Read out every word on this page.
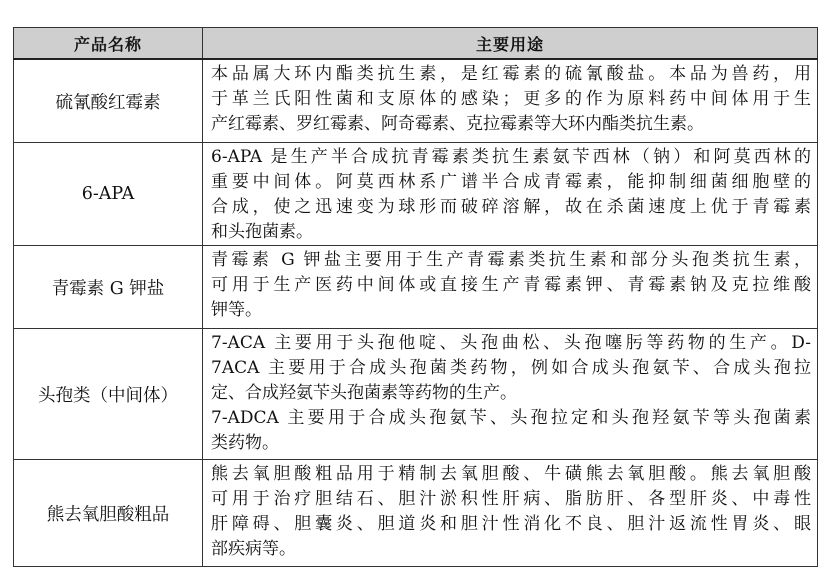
产品名称	主要用途
硫氰酸红霉素	本品属大环内酯类抗生素，是红霉素的硫氰酸盐。本品为兽药，用
于革兰氏阳性菌和支原体的感染；更多的作为原料药中间体用于生
产红霉素、罗红霉素、阿奇霉素、克拉霉素等大环内酯类抗生素。

6-APA	6-APA 是生产半合成抗青霉素类抗生素氨苄西林（钠）和阿莫西林的
重要中间体。阿莫西林系广谱半合成青霉素，能抑制细菌细胞壁的
合成，使之迅速变为球形而破碎溶解，故在杀菌速度上优于青霉素
和头孢菌素。

青霉素 G 钾盐	青霉素 G 钾盐主要用于生产青霉素类抗生素和部分头孢类抗生素，
可用于生产医药中间体或直接生产青霉素钾、青霉素钠及克拉维酸
钾等。

头孢类（中间体）	7-ACA 主要用于头孢他啶、头孢曲松、头孢噻肟等药物的生产。D-
7ACA 主要用于合成头孢菌类药物，例如合成头孢氨苄、合成头孢拉
定、合成羟氨苄头孢菌素等药物的生产。
7-ADCA 主要用于合成头孢氨苄、头孢拉定和头孢羟氨苄等头孢菌素
类药物。

熊去氧胆酸粗品	熊去氧胆酸粗品用于精制去氧胆酸、牛磺熊去氧胆酸。熊去氧胆酸
可用于治疗胆结石、胆汁淤积性肝病、脂肪肝、各型肝炎、中毒性
肝障碍、胆囊炎、胆道炎和胆汁性消化不良、胆汁返流性胃炎、眼
部疾病等。
